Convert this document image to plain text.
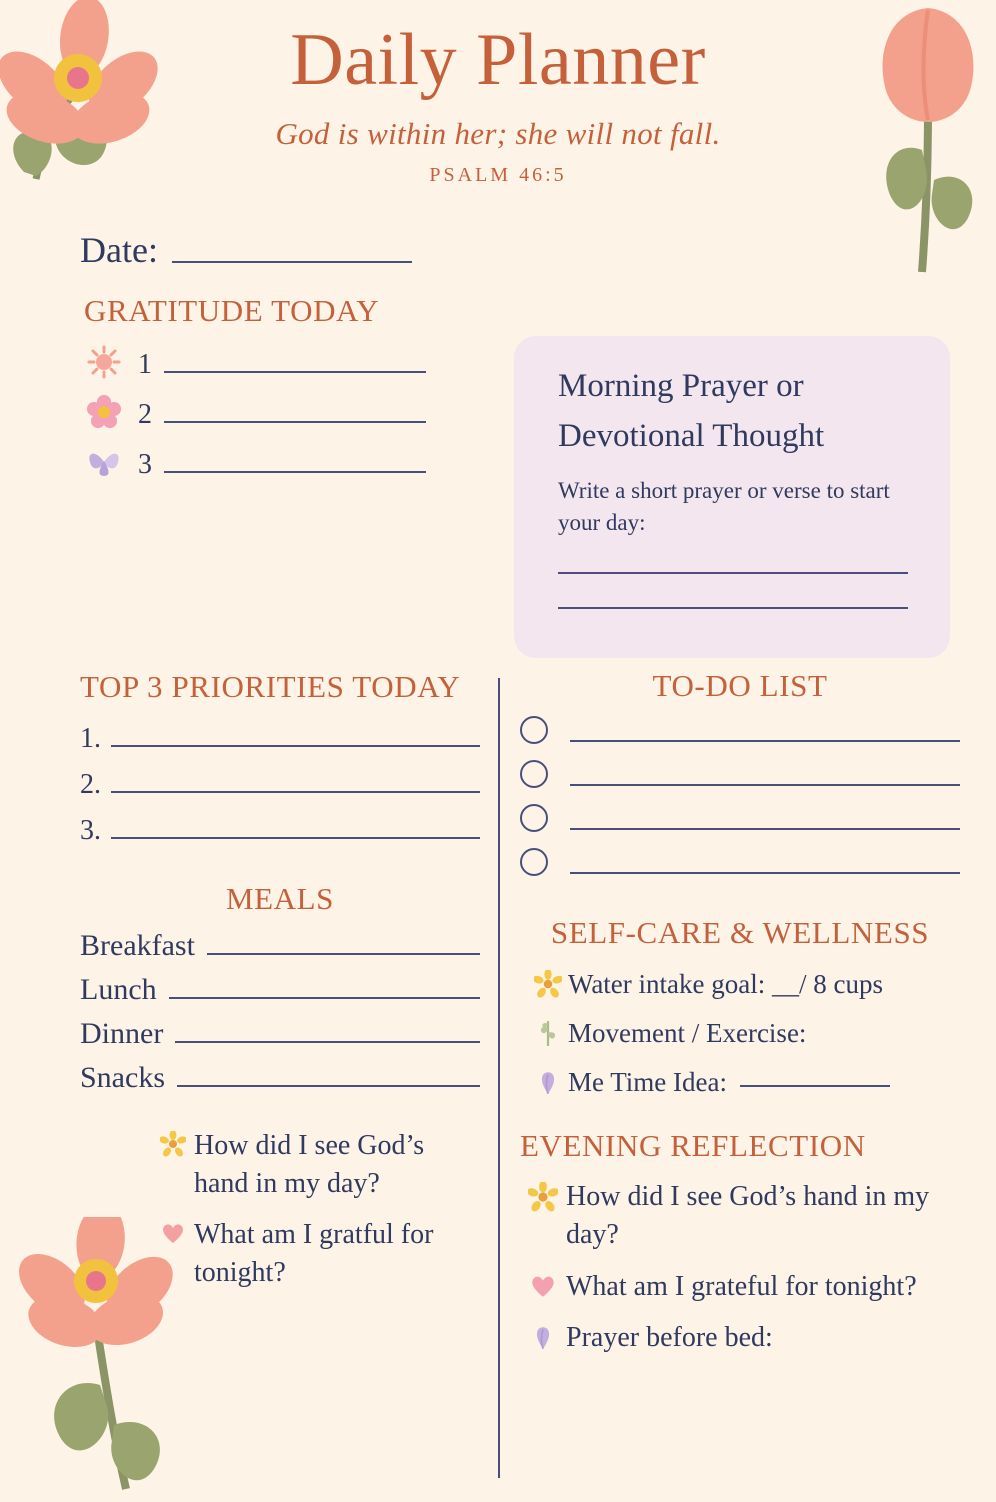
Daily Planner
God is within her; she will not fall.
PSALM 46:5
Date:
GRATITUDE TODAY
1
2
3
Morning Prayer or Devotional Thought
Write a short prayer or verse to start your day:
TOP 3 PRIORITIES TODAY
1.
2.
3.
MEALS
Breakfast
Lunch
Dinner
Snacks
How did I see God’s hand in my day?
What am I gratful for tonight?
TO-DO LIST
SELF-CARE & WELLNESS
Water intake goal: __/ 8 cups
Movement / Exercise:
Me Time Idea:
EVENING REFLECTION
How did I see God’s hand in my day?
What am I grateful for tonight?
Prayer before bed:
